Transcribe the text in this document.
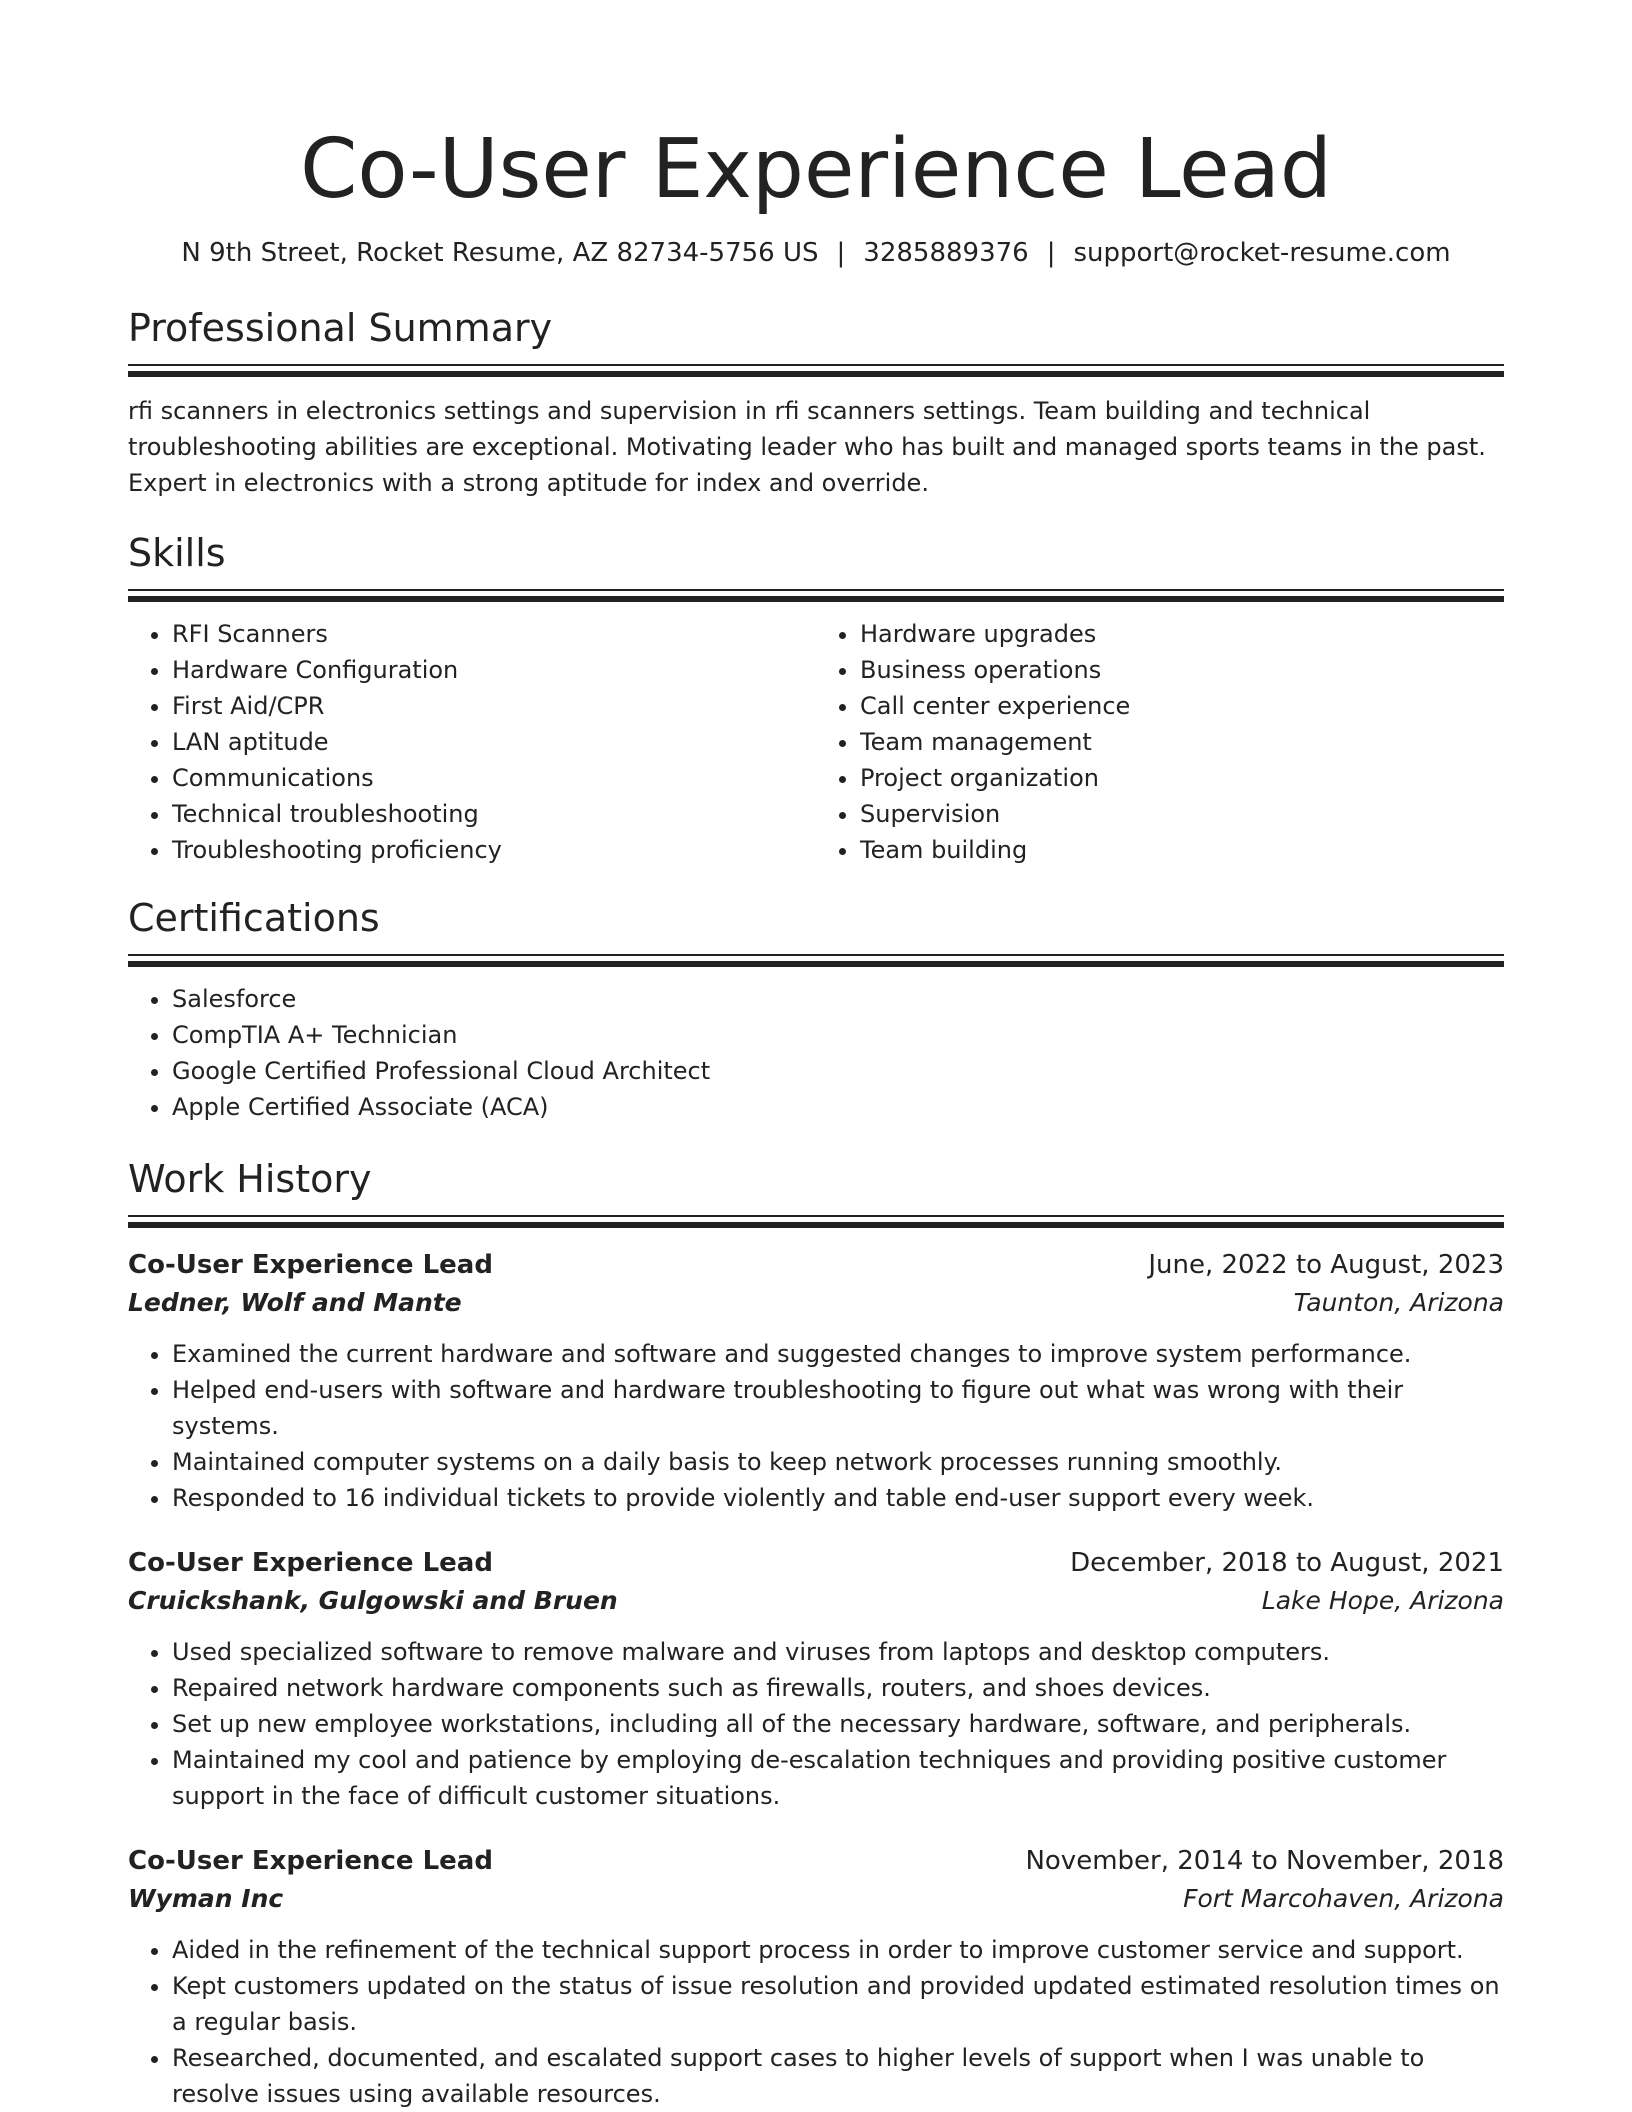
Co-User Experience Lead
N 9th Street, Rocket Resume, AZ 82734-5756 US | 3285889376 | support@rocket-resume.com
Professional Summary

rfi scanners in electronics settings and supervision in rfi scanners settings. Team building and technical troubleshooting abilities are exceptional. Motivating leader who has built and managed sports teams in the past. Expert in electronics with a strong aptitude for index and override.

Skills
• RFI Scanners
• Hardware Configuration
• First Aid/CPR
• LAN aptitude
• Communications
• Technical troubleshooting
• Troubleshooting proficiency
• Hardware upgrades
• Business operations
• Call center experience
• Team management
• Project organization
• Supervision
• Team building
Certifications
• Salesforce
• CompTIA A+ Technician
• Google Certified Professional Cloud Architect
• Apple Certified Associate (ACA)
Work History
Co-User Experience Lead	June, 2022 to August, 2023
Ledner, Wolf and Mante	Taunton, Arizona
• Examined the current hardware and software and suggested changes to improve system performance.
• Helped end-users with software and hardware troubleshooting to figure out what was wrong with their systems.
• Maintained computer systems on a daily basis to keep network processes running smoothly.
• Responded to 16 individual tickets to provide violently and table end-user support every week.
Co-User Experience Lead	December, 2018 to August, 2021
Cruickshank, Gulgowski and Bruen	Lake Hope, Arizona
• Used specialized software to remove malware and viruses from laptops and desktop computers.
• Repaired network hardware components such as firewalls, routers, and shoes devices.
• Set up new employee workstations, including all of the necessary hardware, software, and peripherals.
• Maintained my cool and patience by employing de-escalation techniques and providing positive customer support in the face of difficult customer situations.
Co-User Experience Lead	November, 2014 to November, 2018
Wyman Inc	Fort Marcohaven, Arizona
• Aided in the refinement of the technical support process in order to improve customer service and support.
• Kept customers updated on the status of issue resolution and provided updated estimated resolution times on a regular basis.
• Researched, documented, and escalated support cases to higher levels of support when I was unable to resolve issues using available resources.
